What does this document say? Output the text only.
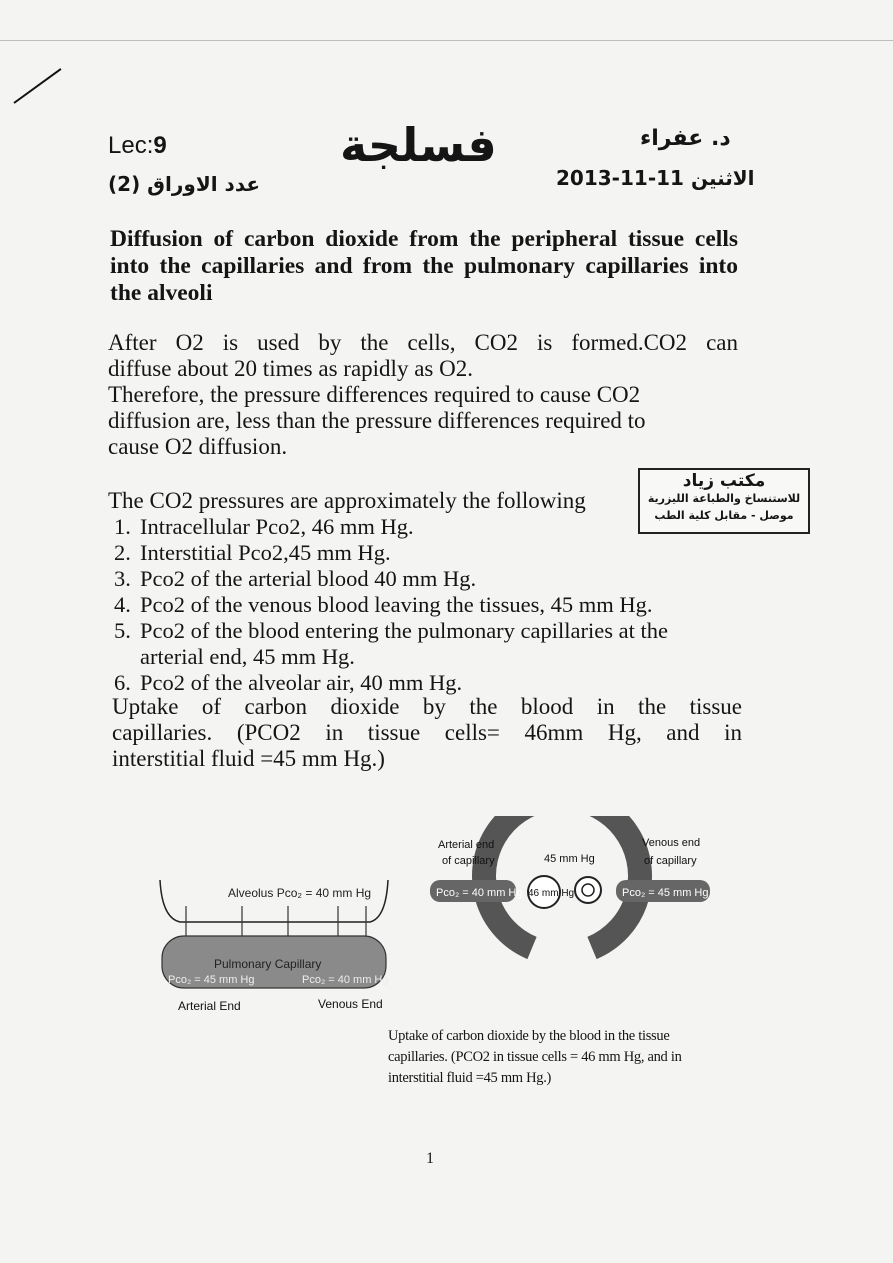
Lec:9	فسلجة	د. عفراء
عدد الاوراق (2)	الاثنين 11-11-2013
Diffusion of carbon dioxide from the peripheral tissue cells into the capillaries and from the pulmonary capillaries into the alveoli
After O2 is used by the cells, CO2 is formed.CO2 can
diffuse about 20 times as rapidly as O2.
Therefore, the pressure differences required to cause CO2
diffusion are, less than the pressure differences required to
cause O2 diffusion.
The CO2 pressures are approximately the following
مكتب زياد
للاستنساخ والطباعة الليزرية
موصل - مقابل كلية الطب
1. Intracellular Pco2, 46 mm Hg.
2. Interstitial Pco2,45 mm Hg.
3. Pco2 of the arterial blood 40 mm Hg.
4. Pco2 of the venous blood leaving the tissues, 45 mm Hg.
5. Pco2 of the blood entering the pulmonary capillaries at the arterial end, 45 mm Hg.
6. Pco2 of the alveolar air, 40 mm Hg.
Uptake of carbon dioxide by the blood in the tissue
capillaries. (PCO2 in tissue cells= 46mm Hg, and in
interstitial fluid =45 mm Hg.)
Alveolus Pco₂ = 40 mm Hg
Pulmonary Capillary
Pco₂ = 45 mm Hg	Pco₂ = 40 mm Hg
Arterial End	Venous End
Arterial end
of capillary
Venous end
of capillary
45 mm Hg
Pco₂ = 40 mm Hg	Pco₂ = 45 mm Hg
46 mm Hg
Uptake of carbon dioxide by the blood in the tissue capillaries. (PCO2 in tissue cells = 46 mm Hg, and in interstitial fluid =45 mm Hg.)
1
